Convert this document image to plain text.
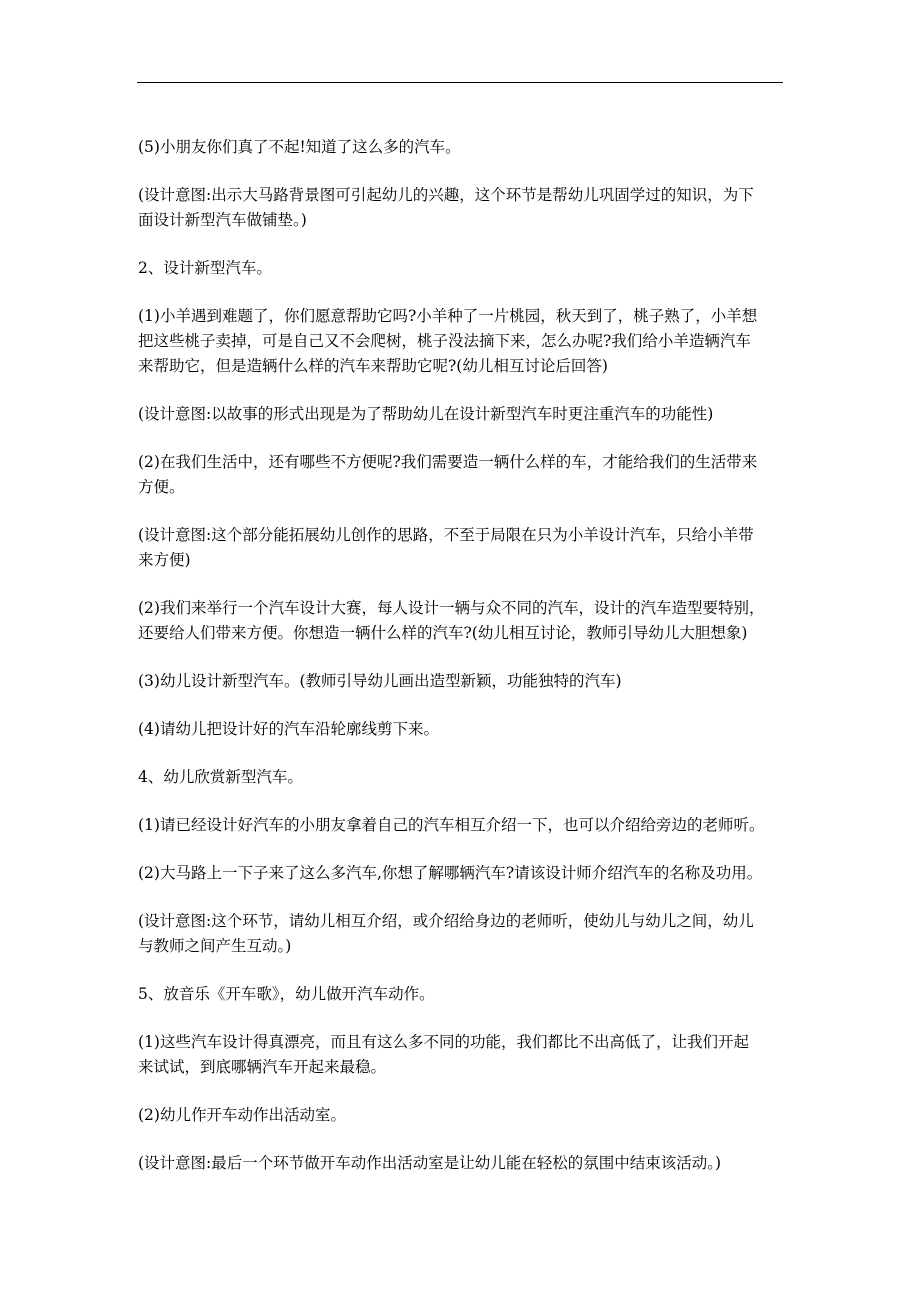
(5)小朋友你们真了不起!知道了这么多的汽车。

(设计意图:出示大马路背景图可引起幼儿的兴趣，这个环节是帮幼儿巩固学过的知识，为下
面设计新型汽车做铺垫。)

2、设计新型汽车。

(1)小羊遇到难题了，你们愿意帮助它吗?小羊种了一片桃园，秋天到了，桃子熟了，小羊想
把这些桃子卖掉，可是自己又不会爬树，桃子没法摘下来，怎么办呢?我们给小羊造辆汽车
来帮助它，但是造辆什么样的汽车来帮助它呢?(幼儿相互讨论后回答)

(设计意图:以故事的形式出现是为了帮助幼儿在设计新型汽车时更注重汽车的功能性)

(2)在我们生活中，还有哪些不方便呢?我们需要造一辆什么样的车，才能给我们的生活带来
方便。

(设计意图:这个部分能拓展幼儿创作的思路，不至于局限在只为小羊设计汽车，只给小羊带
来方便)

(2)我们来举行一个汽车设计大赛，每人设计一辆与众不同的汽车，设计的汽车造型要特别，
还要给人们带来方便。你想造一辆什么样的汽车?(幼儿相互讨论，教师引导幼儿大胆想象)

(3)幼儿设计新型汽车。(教师引导幼儿画出造型新颖，功能独特的汽车)

(4)请幼儿把设计好的汽车沿轮廓线剪下来。

4、幼儿欣赏新型汽车。

(1)请已经设计好汽车的小朋友拿着自己的汽车相互介绍一下，也可以介绍给旁边的老师听。

(2)大马路上一下子来了这么多汽车,你想了解哪辆汽车?请该设计师介绍汽车的名称及功用。

(设计意图:这个环节，请幼儿相互介绍，或介绍给身边的老师听，使幼儿与幼儿之间，幼儿
与教师之间产生互动。)

5、放音乐《开车歌》，幼儿做开汽车动作。

(1)这些汽车设计得真漂亮，而且有这么多不同的功能，我们都比不出高低了，让我们开起
来试试，到底哪辆汽车开起来最稳。

(2)幼儿作开车动作出活动室。

(设计意图:最后一个环节做开车动作出活动室是让幼儿能在轻松的氛围中结束该活动。)
